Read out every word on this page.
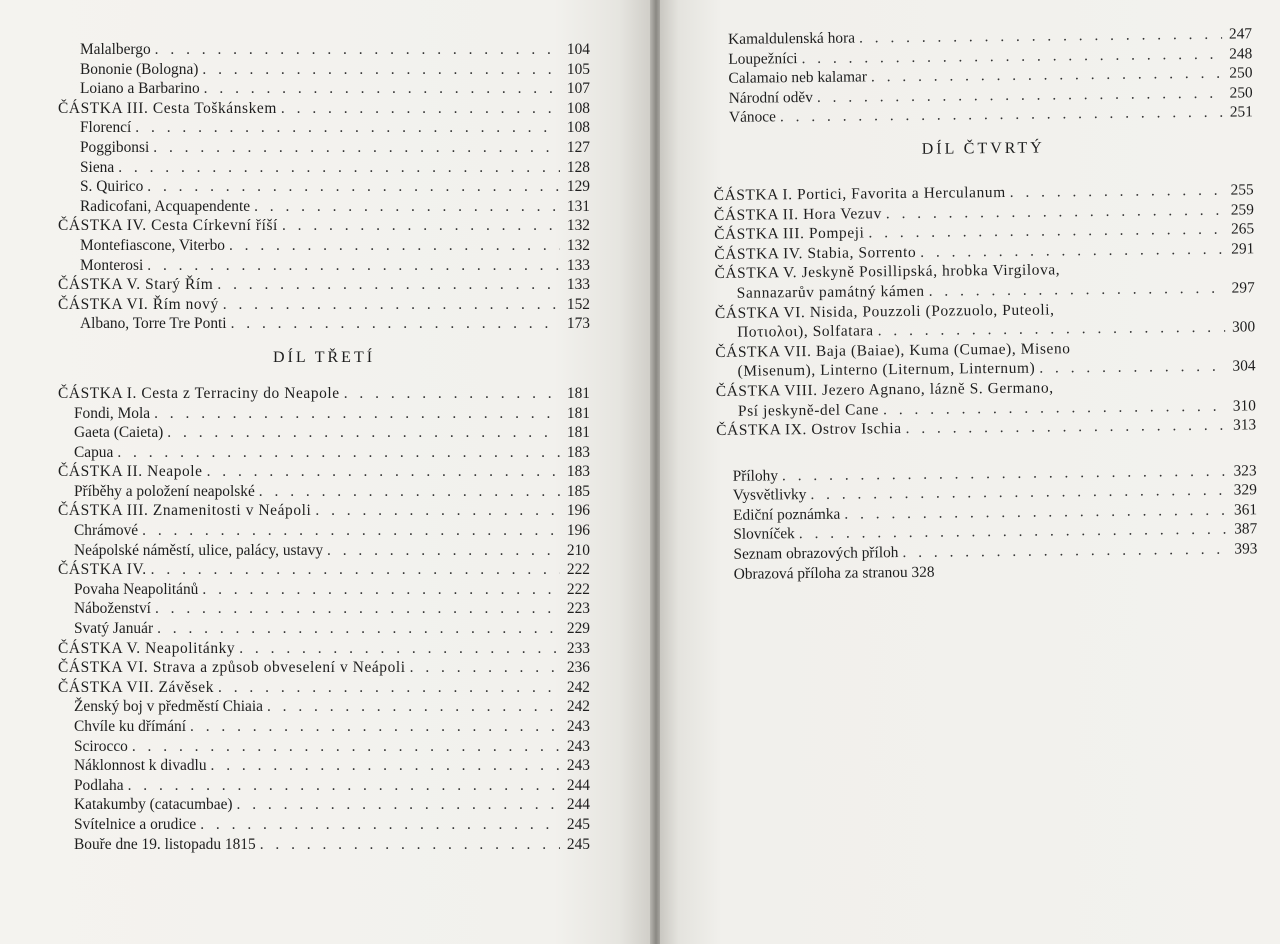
Malalbergo . . .	104
Bononie (Bologna) . . .	105
Loiano a Barbarino . . .	107
ČÁSTKA III. Cesta Toškánskem . . .	108
Florencí . . .	108
Poggibonsi . . .	127
Siena . . .	128
S. Quirico . . .	129
Radicofani, Acquapendente . . .	131
ČÁSTKA IV. Cesta Církevní říší . . .	132
Montefiascone, Viterbo . . .	132
Monterosi . . .	133
ČÁSTKA V. Starý Řím . . .	133
ČÁSTKA VI. Řím nový . . .	152
Albano, Torre Tre Ponti . . .	173
DÍL TŘETÍ
ČÁSTKA I. Cesta z Terraciny do Neapole . . .	181
Fondi, Mola . . .	181
Gaeta (Caieta) . . .	181
Capua . . .	183
ČÁSTKA II. Neapole . . .	183
Příběhy a položení neapolské . . .	185
ČÁSTKA III. Znamenitosti v Neápoli . . .	196
Chrámové . . .	196
Neápolské náměstí, ulice, palácy, ustavy . . .	210
ČÁSTKA IV. . . .	222
Povaha Neapolitánů . . .	222
Náboženství . . .	223
Svatý Január . . .	229
ČÁSTKA V. Neapolitánky . . .	233
ČÁSTKA VI. Strava a způsob obveselení v Neápoli . . .	236
ČÁSTKA VII. Závěsek . . .	242
Ženský boj v předměstí Chiaia . . .	242
Chvíle ku dřímání . . .	243
Scirocco . . .	243
Náklonnost k divadlu . . .	243
Podlaha . . .	244
Katakumby (catacumbae) . . .	244
Svítelnice a orudice . . .	245
Bouře dne 19. listopadu 1815 . . .	245
Kamaldulenská hora . . .	247
Loupežníci . . .	248
Calamaio neb kalamar . . .	250
Národní oděv . . .	250
Vánoce . . .	251
DÍL ČTVRTÝ
ČÁSTKA I. Portici, Favorita a Herculanum . . .	255
ČÁSTKA II. Hora Vezuv . . .	259
ČÁSTKA III. Pompeji . . .	265
ČÁSTKA IV. Stabia, Sorrento . . .	291
ČÁSTKA V. Jeskyně Posillipská, hrobka Virgilova,
Sannazarův památný kámen . . .	297
ČÁSTKA VI. Nisida, Pouzzoli (Pozzuolo, Puteoli,
Ποτιολοι), Solfatara . . .	300
ČÁSTKA VII. Baja (Baiae), Kuma (Cumae), Miseno
(Misenum), Linterno (Liternum, Linternum) . . .	304
ČÁSTKA VIII. Jezero Agnano, lázně S. Germano,
Psí jeskyně-del Cane . . .	310
ČÁSTKA IX. Ostrov Ischia . . .	313
Přílohy . . .	323
Vysvětlivky . . .	329
Ediční poznámka . . .	361
Slovníček . . .	387
Seznam obrazových příloh . . .	393
Obrazová příloha za stranou 328
